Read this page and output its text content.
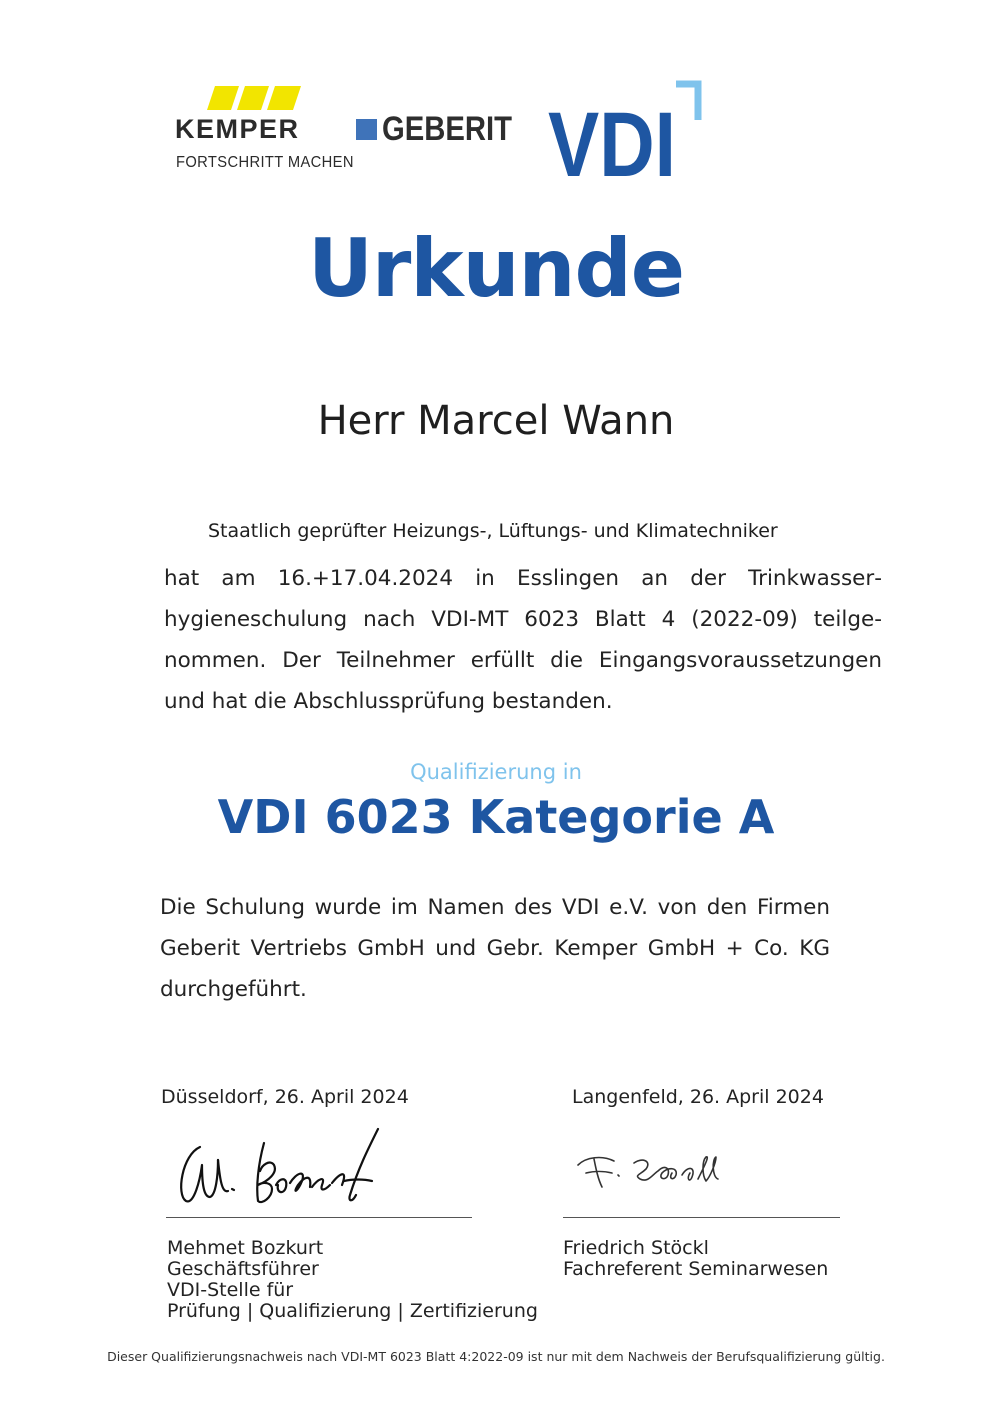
KEMPER
FORTSCHRITT MACHEN
GEBERIT VDI
Urkunde
Herr Marcel Wann
Staatlich geprüfter Heizungs-, Lüftungs- und Klimatechniker
hat am 16.+17.04.2024 in Esslingen an der Trinkwasserhygieneschulung nach VDI-MT 6023 Blatt 4 (2022-09) teilgenommen. Der Teilnehmer erfüllt die Eingangsvoraussetzungen und hat die Abschlussprüfung bestanden.
Qualifizierung in
VDI 6023 Kategorie A
Die Schulung wurde im Namen des VDI e.V. von den Firmen Geberit Vertriebs GmbH und Gebr. Kemper GmbH + Co. KG durchgeführt.
Düsseldorf, 26. April 2024	Langenfeld, 26. April 2024
Mehmet Bozkurt
Geschäftsführer
VDI-Stelle für
Prüfung | Qualifizierung | Zertifizierung
Friedrich Stöckl
Fachreferent Seminarwesen
Dieser Qualifizierungsnachweis nach VDI-MT 6023 Blatt 4:2022-09 ist nur mit dem Nachweis der Berufsqualifizierung gültig.
